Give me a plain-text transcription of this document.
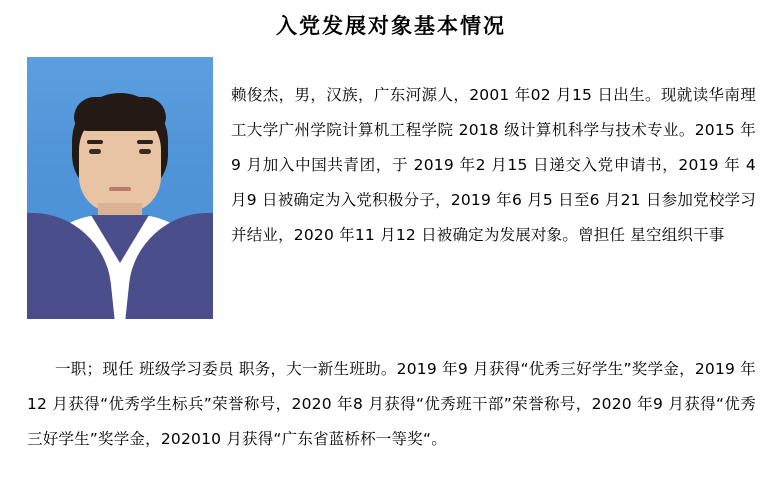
入党发展对象基本情况

赖俊杰，男，汉族，广东河源人，2001 年02 月15 日出生。现就读华南理工大学广州学院计算机工程学院 2018 级计算机科学与技术专业。2015 年 9 月加入中国共青团，于 2019 年2 月15 日递交入党申请书，2019 年 4 月9 日被确定为入党积极分子，2019 年6 月5 日至6 月21 日参加党校学习并结业，2020 年11 月12 日被确定为发展对象。曾担任 星空组织干事

一职；现任 班级学习委员 职务，大一新生班助。2019 年9 月获得“优秀三好学生”奖学金，2019 年12 月获得“优秀学生标兵”荣誉称号，2020 年8 月获得“优秀班干部”荣誉称号，2020 年9 月获得“优秀三好学生”奖学金，202010 月获得“广东省蓝桥杯一等奖“。
